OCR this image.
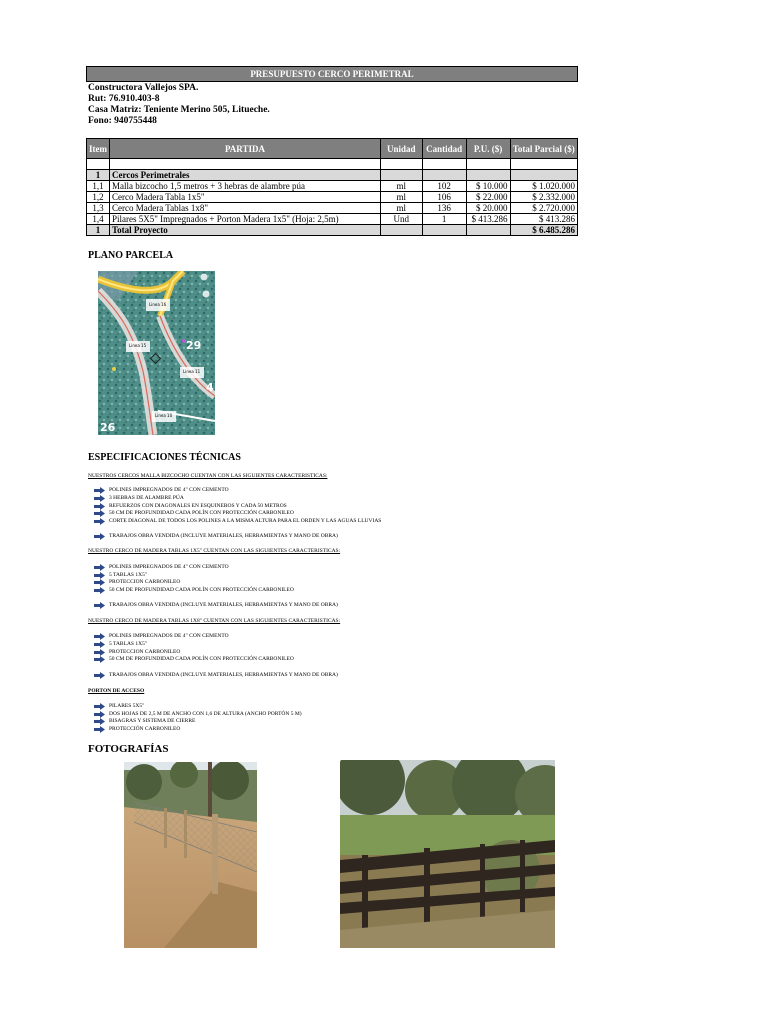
PRESUPUESTO CERCO PERIMETRAL
Constructora Vallejos SPA.
Rut: 76.910.403-8
Casa Matriz: Teniente Merino 505, Litueche.
Fono: 940755448
Item	PARTIDA	Unidad	Cantidad	P.U. ($)	Total Parcial ($)

1	Cercos Perimetrales				
1,1	Malla bizcocho 1,5 metros + 3 hebras de alambre púa	ml	102	$ 10.000	$ 1.020.000
1,2	Cerco Madera Tabla 1x5"	ml	106	$ 22.000	$ 2.332.000
1,3	Cerco Madera Tablas 1x8"	ml	136	$ 20.000	$ 2.720.000
1,4	Pilares 5X5" Impregnados + Porton Madera 1x5" (Hoja: 2,5m)	Und	1	$ 413.286	$ 413.286
1	Total Proyecto				$ 6.485.286
PLANO PARCELA
Linea 16
Linea 15
Linea 11
Linea 10
29
26
4
ESPECIFICACIONES TÉCNICAS
NUESTROS CERCOS MALLA BIZCOCHO CUENTAN CON LAS SIGUIENTES CARACTERISTICAS:
POLINES IMPREGNADOS DE 4" CON CEMENTO
3 HEBRAS DE ALAMBRE PÚA
REFUERZOS CON DIAGONALES EN ESQUINEROS Y CADA 50 METROS
50 CM DE PROFUNDIDAD CADA POLÍN CON PROTECCIÓN CARBONILEO
CORTE DIAGONAL DE TODOS LOS POLINES A LA MISMA ALTURA PARA EL ORDEN Y LAS AGUAS LLUVIAS
TRABAJOS OBRA VENDIDA (INCLUYE MATERIALES, HERRAMIENTAS Y MANO DE OBRA)
NUESTRO CERCO DE MADERA TABLAS 1X5" CUENTAN CON LAS SIGUIENTES CARACTERISTICAS:
POLINES IMPREGNADOS DE 4" CON CEMENTO
5 TABLAS 1X5"
PROTECCION CARBONILEO
50 CM DE PROFUNDIDAD CADA POLÍN CON PROTECCIÓN CARBONILEO
TRABAJOS OBRA VENDIDA (INCLUYE MATERIALES, HERRAMIENTAS Y MANO DE OBRA)
NUESTRO CERCO DE MADERA TABLAS 1X8" CUENTAN CON LAS SIGUIENTES CARACTERISTICAS:
POLINES IMPREGNADOS DE 4" CON CEMENTO
5 TABLAS 1X5"
PROTECCION CARBONILEO
50 CM DE PROFUNDIDAD CADA POLÍN CON PROTECCIÓN CARBONILEO
TRABAJOS OBRA VENDIDA (INCLUYE MATERIALES, HERRAMIENTAS Y MANO DE OBRA)
PORTON DE ACCESO
PILARES 5X5"
DOS HOJAS DE 2,5 M DE ANCHO CON 1,6 DE ALTURA (ANCHO PORTÓN 5 M)
BISAGRAS Y SISTEMA DE CIERRE
PROTECCIÓN CARBONILEO
FOTOGRAFÍAS
